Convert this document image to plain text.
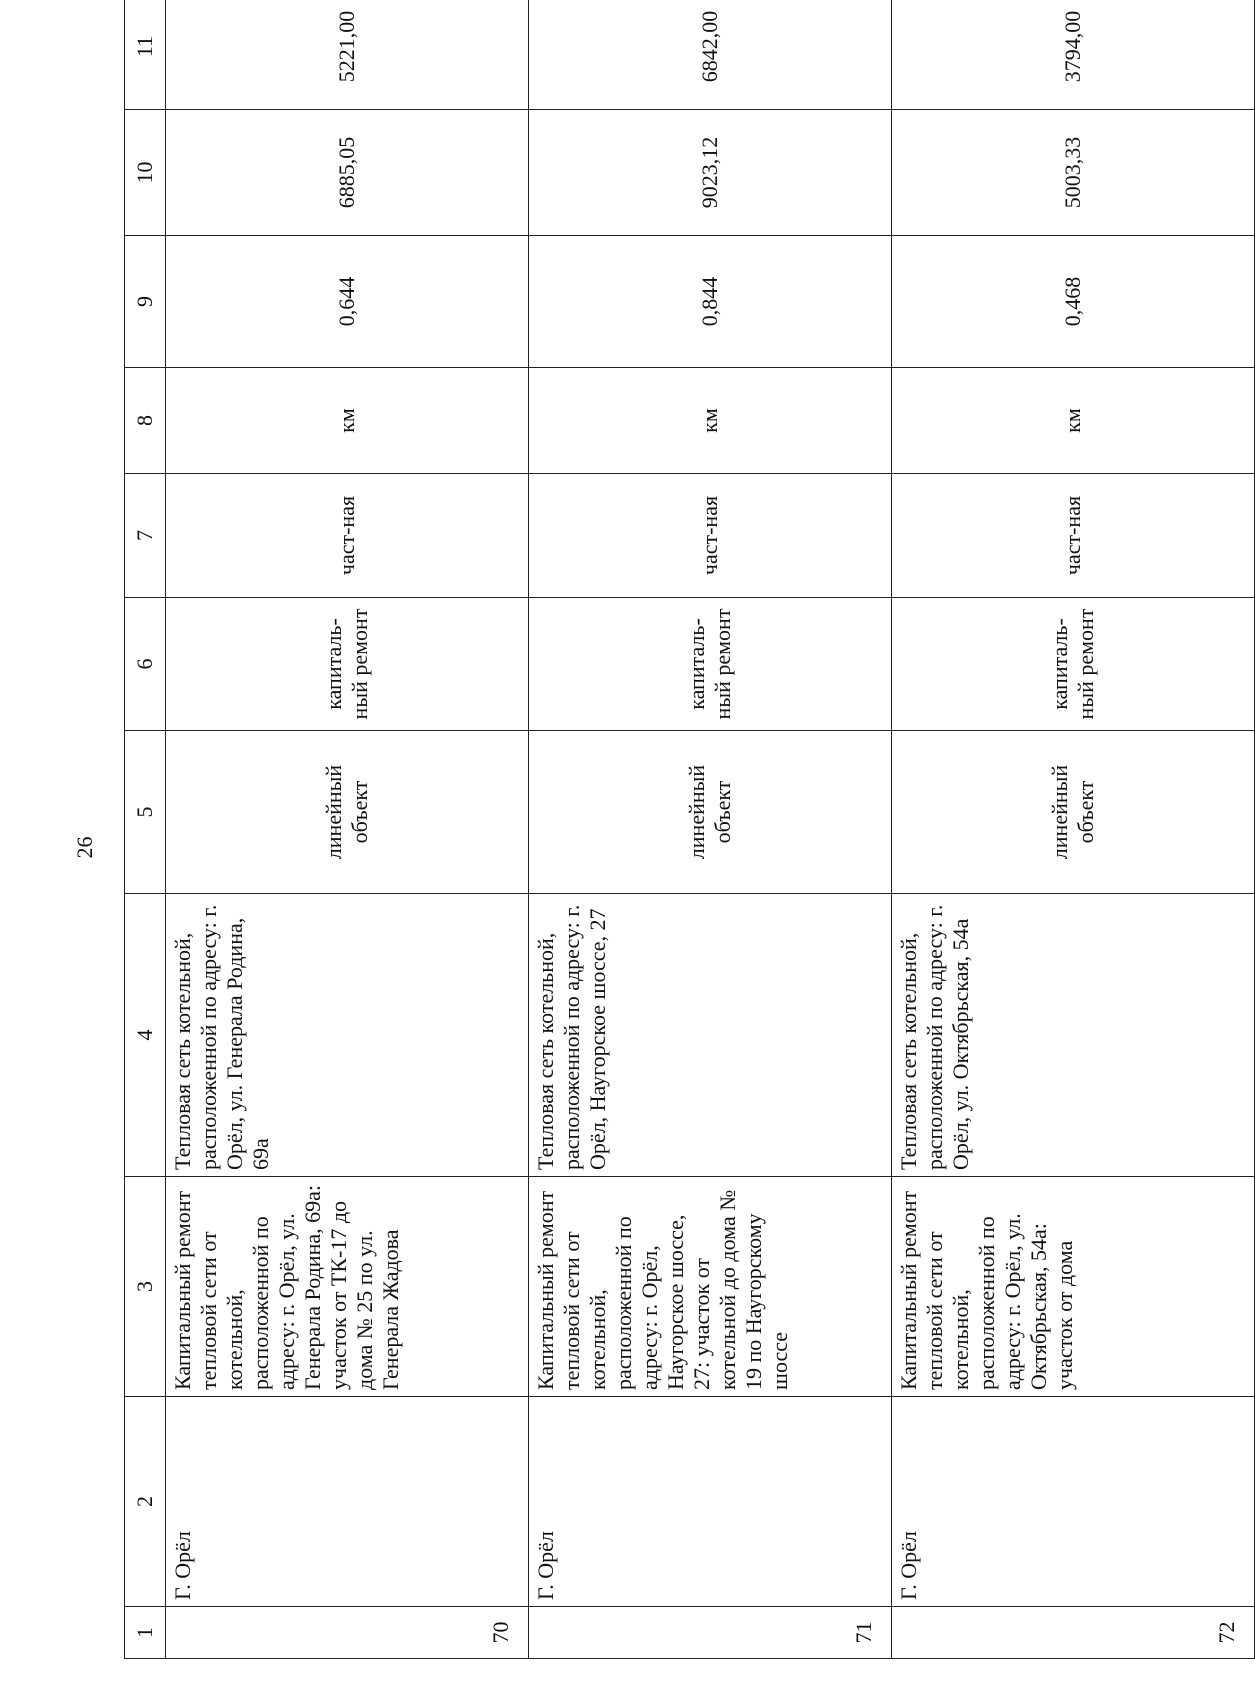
26
1	2	3	4	5	6	7	8	9	10	11	
70	Г. Орёл	Капитальный ремонт тепловой сети от котельной, расположенной по адресу: г. Орёл, ул. Генерала Родина, 69а: участок от ТК-17 до дома № 25 по ул. Генерала Жадова	Тепловая сеть котельной, расположенной по адресу: г. Орёл, ул. Генерала Родина, 69а	линейный объект	капиталь-ный ремонт	част-ная	км	0,644	6885,05	5221,00	
71	Г. Орёл	Капитальный ремонт тепловой сети от котельной, расположенной по адресу: г. Орёл, Наугорское шоссе, 27: участок от котельной до дома № 19 по Наугорскому шоссе	Тепловая сеть котельной, расположенной по адресу: г. Орёл, Наугорское шоссе, 27	линейный объект	капиталь-ный ремонт	част-ная	км	0,844	9023,12	6842,00	
72	Г. Орёл	Капитальный ремонт тепловой сети от котельной, расположенной по адресу: г. Орёл, ул. Октябрьская, 54а: участок от дома	Тепловая сеть котельной, расположенной по адресу: г. Орёл, ул. Октябрьская, 54а	линейный объект	капиталь-ный ремонт	част-ная	км	0,468	5003,33	3794,00	
